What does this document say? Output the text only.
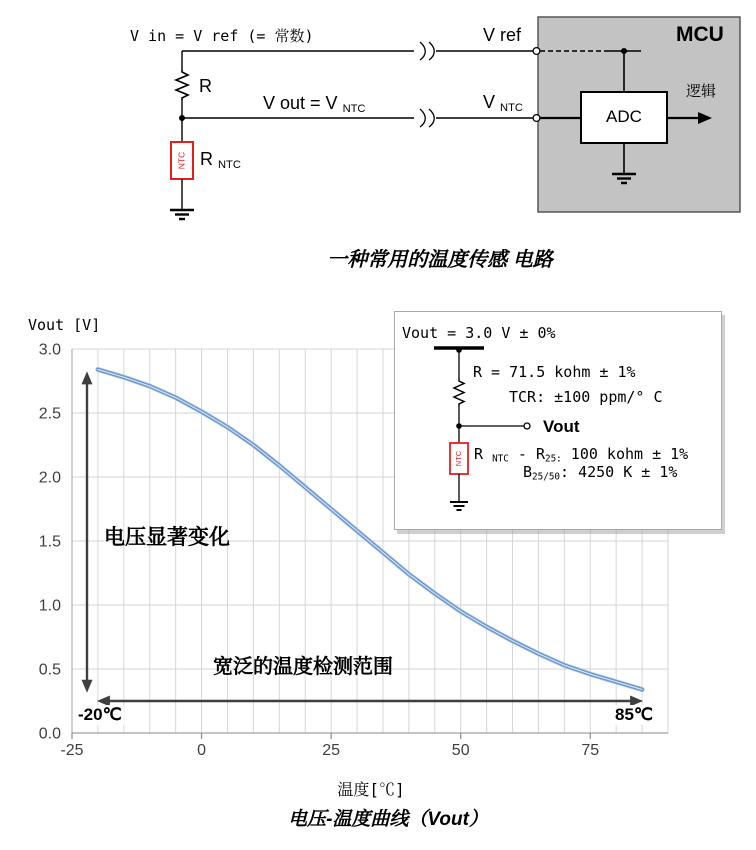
NTC
V in = V ref (= 常数)
R
V out = V $_{NTC}$
R $_{NTC}$
V ref
V $_{NTC}$
MCU
ADC
逻辑
一种常用的温度传感 电路
-25	0	25	50	75
3.0
2.5
2.0
1.5
1.0
0.5
0.0
Vout [V]
温度[℃]
电压-温度曲线（Vout）
电压显著变化
宽泛的温度检测范围
-20℃	85℃
NTC
Vout = 3.0 V ± 0%
R = 71.5 kohm ± 1%
TCR: ±100 ppm/° C
Vout
R $_{NTC} - R_{25:}$ 100 kohm ± 1%
$B_{25/50}$: 4250 K ± 1%
